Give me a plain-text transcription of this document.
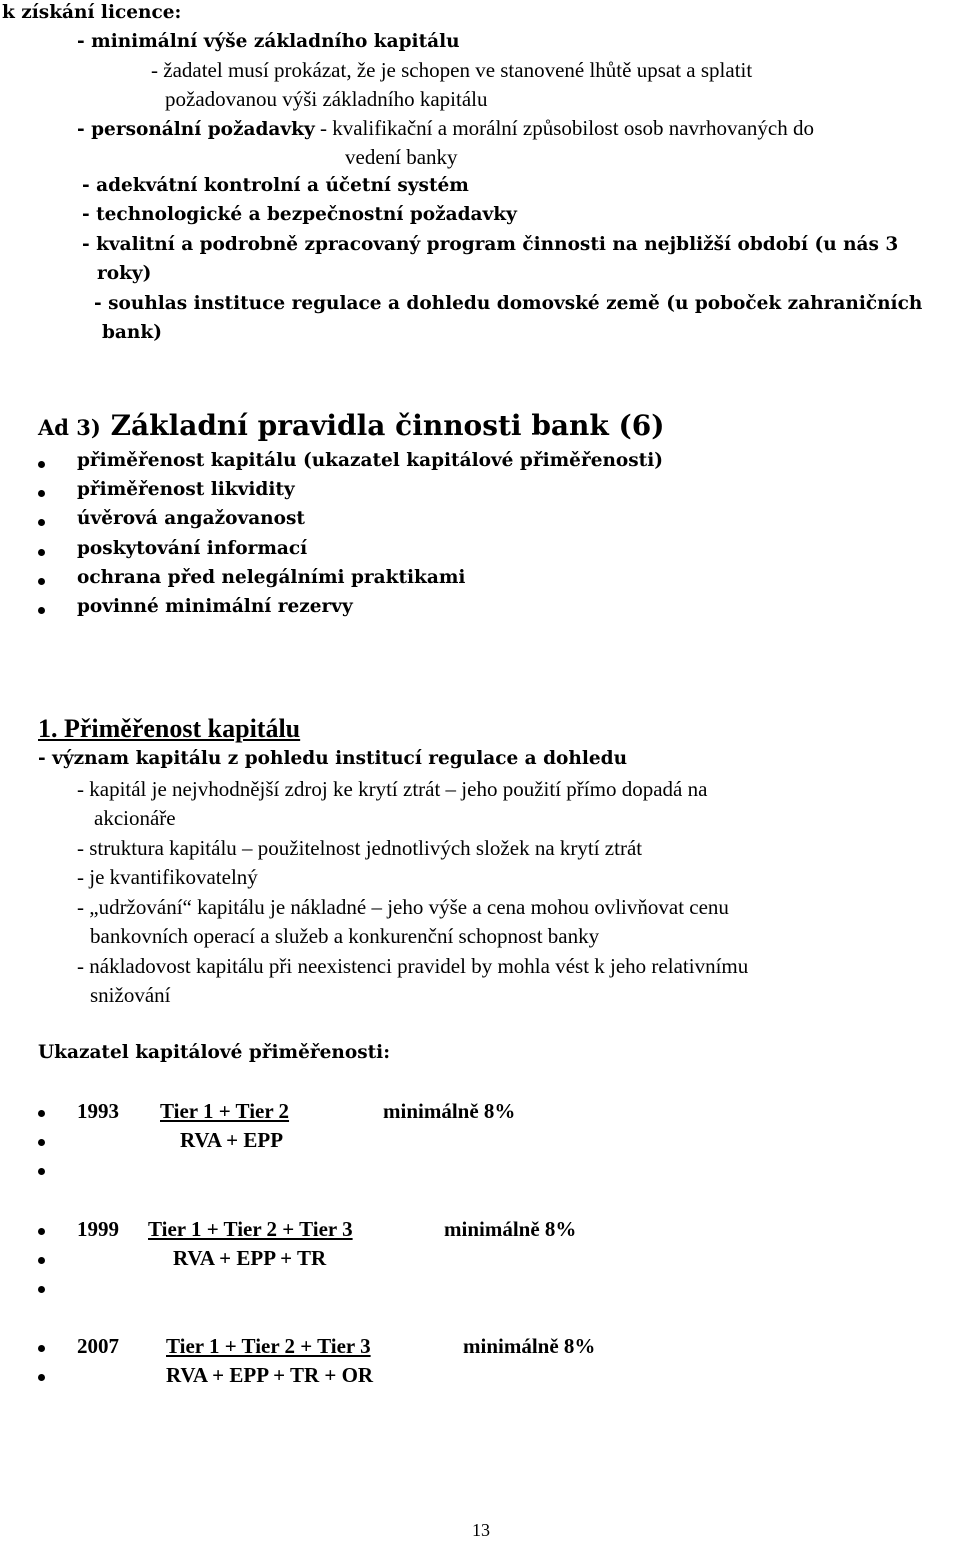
k získání licence:
- minimální výše základního kapitálu
- žadatel musí prokázat, že je schopen ve stanovené lhůtě upsat a splatit
požadovanou výši základního kapitálu
- personální požadavky - kvalifikační a morální způsobilost osob navrhovaných do
vedení banky
- adekvátní kontrolní a účetní systém
- technologické a bezpečnostní požadavky
- kvalitní a podrobně zpracovaný program činnosti na nejbližší období (u nás 3
roky)
- souhlas instituce regulace a dohledu domovské země (u poboček zahraničních
bank)
Ad 3) Základní pravidla činnosti bank (6)
přiměřenost kapitálu (ukazatel kapitálové přiměřenosti)
přiměřenost likvidity
úvěrová angažovanost
poskytování informací
ochrana před nelegálními praktikami
povinné minimální rezervy
1. Přiměřenost kapitálu
- význam kapitálu z pohledu institucí regulace a dohledu
- kapitál je nejvhodnější zdroj ke krytí ztrát – jeho použití přímo dopadá na
akcionáře
- struktura kapitálu – použitelnost jednotlivých složek na krytí ztrát
- je kvantifikovatelný
- „udržování“ kapitálu je nákladné – jeho výše a cena mohou ovlivňovat cenu
bankovních operací a služeb a konkurenční schopnost banky
- nákladovost kapitálu při neexistenci pravidel by mohla vést k jeho relativnímu
snižování
Ukazatel kapitálové přiměřenosti:
1993 Tier 1 + Tier 2	minimálně 8%
RVA + EPP
1999 Tier 1 + Tier 2 + Tier 3	minimálně 8%
RVA + EPP + TR
2007 Tier 1 + Tier 2 + Tier 3	minimálně 8%
RVA + EPP + TR + OR
13
